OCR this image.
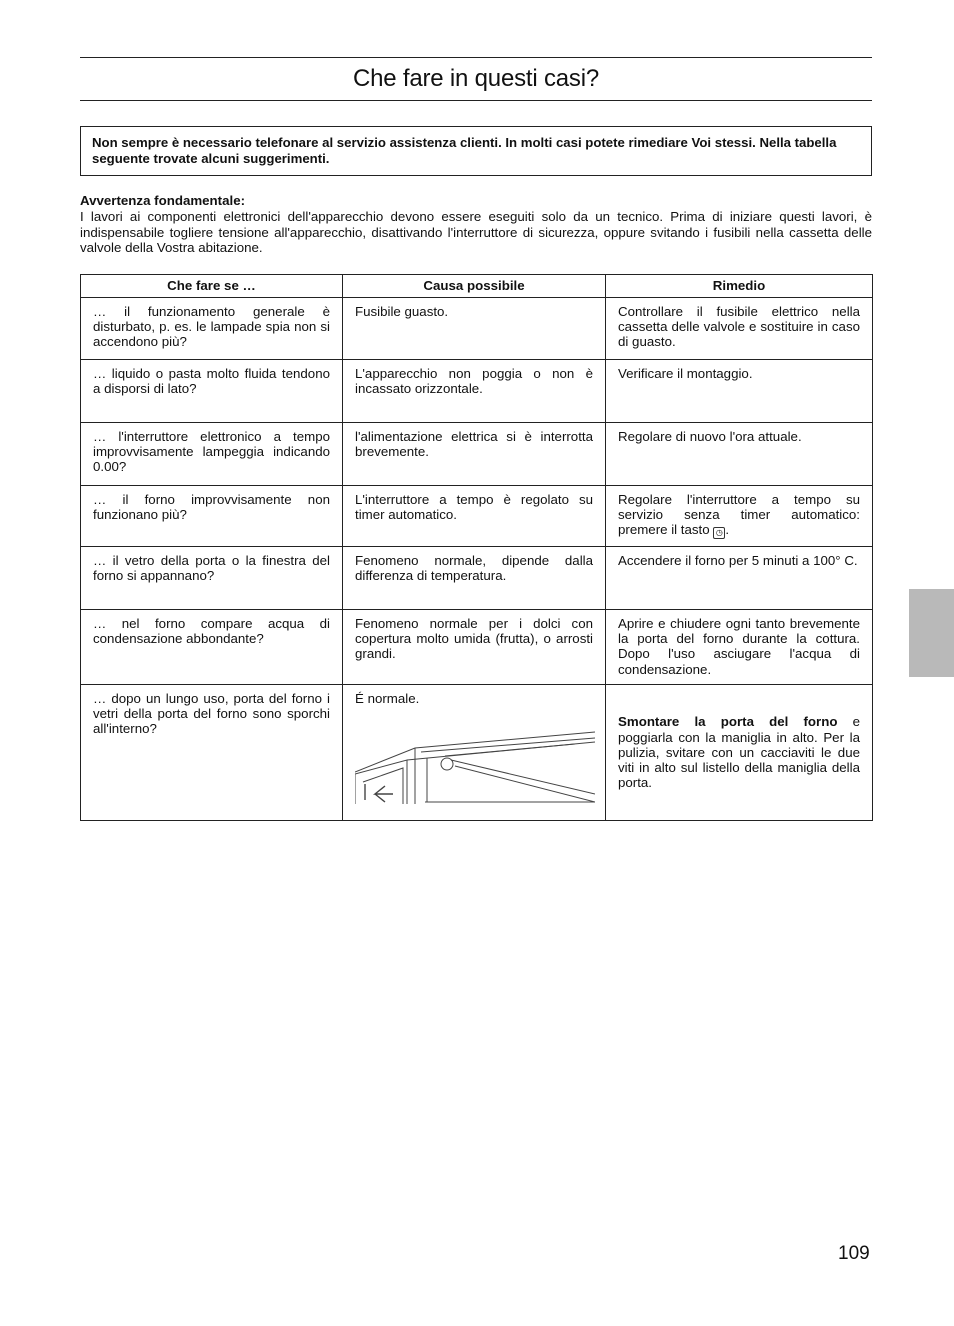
Che fare in questi casi?

Non sempre è necessario telefonare al servizio assistenza clienti. In molti casi potete rimediare Voi stessi. Nella tabella seguente trovate alcuni suggerimenti.

Avvertenza fondamentale:
I lavori ai componenti elettronici dell'apparecchio devono essere eseguiti solo da un tecnico. Prima di iniziare questi lavori, è indispensabile togliere tensione all'apparecchio, disattivando l'interruttore di sicurezza, oppure svitando i fusibili nella cassetta delle valvole della Vostra abitazione.
Che fare se …	Causa possibile	Rimedio
… il funzionamento generale è disturbato, p. es. le lampade spia non si accendono più?	Fusibile guasto.	Controllare il fusibile elettrico nella cassetta delle valvole e sostituire in caso di guasto.
… liquido o pasta molto fluida tendono a disporsi di lato?	L'apparecchio non poggia o non è incassato orizzontale.	Verificare il montaggio.
… l'interruttore elettronico a tempo improvvisamente lampeggia indicando 0.00?	l'alimentazione elettrica si è interrotta brevemente.	Regolare di nuovo l'ora attuale.
… il forno improvvisamente non funzionano più?	L'interruttore a tempo è regolato su timer automatico.	Regolare l'interruttore a tempo su servizio senza timer automatico: premere il tasto ◷ .
… il vetro della porta o la finestra del forno si appannano?	Fenomeno normale, dipende dalla differenza di temperatura.	Accendere il forno per 5 minuti a 100° C.
… nel forno compare acqua di condensazione abbondante?	Fenomeno normale per i dolci con copertura molto umida (frutta), o arrosti grandi.	Aprire e chiudere ogni tanto brevemente la porta del forno durante la cottura. Dopo l'uso asciugare l'acqua di condensazione.
… dopo un lungo uso, porta del forno i vetri della porta del forno sono sporchi all'interno?	É normale.	Smontare la porta del forno e poggiarla con la maniglia in alto. Per la pulizia, svitare con un cacciaviti le due viti in alto sul listello della maniglia della porta.
109
